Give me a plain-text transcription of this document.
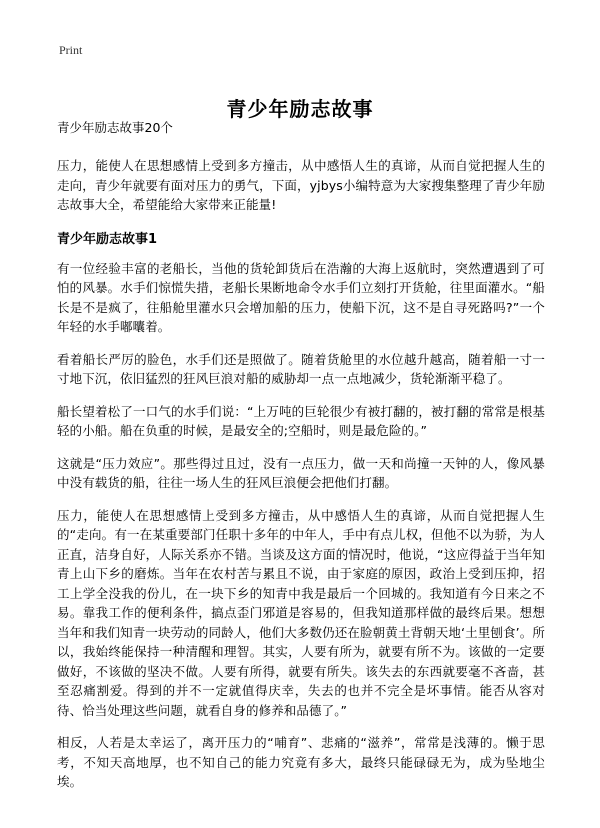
Print
青少年励志故事
青少年励志故事20个

压力，能使人在思想感情上受到多方撞击，从中感悟人生的真谛，从而自觉把握人生的走向，青少年就要有面对压力的勇气，下面，yjbys小编特意为大家搜集整理了青少年励志故事大全，希望能给大家带来正能量!

青少年励志故事1

有一位经验丰富的老船长，当他的货轮卸货后在浩瀚的大海上返航时，突然遭遇到了可怕的风暴。水手们惊慌失措，老船长果断地命令水手们立刻打开货舱，往里面灌水。“船长是不是疯了，往船舱里灌水只会增加船的压力，使船下沉，这不是自寻死路吗?”一个年轻的水手嘟囔着。

看着船长严厉的脸色，水手们还是照做了。随着货舱里的水位越升越高，随着船一寸一寸地下沉，依旧猛烈的狂风巨浪对船的威胁却一点一点地减少，货轮渐渐平稳了。

船长望着松了一口气的水手们说：“上万吨的巨轮很少有被打翻的，被打翻的常常是根基轻的小船。船在负重的时候，是最安全的;空船时，则是最危险的。”

这就是“压力效应”。那些得过且过，没有一点压力，做一天和尚撞一天钟的人，像风暴中没有载货的船，往往一场人生的狂风巨浪便会把他们打翻。

压力，能使人在思想感情上受到多方撞击，从中感悟人生的真谛，从而自觉把握人生的“走向。有一在某重要部门任职十多年的中年人，手中有点儿权，但他不以为骄，为人正直，洁身自好，人际关系亦不错。当谈及这方面的情况时，他说，“这应得益于当年知青上山下乡的磨炼。当年在农村苦与累且不说，由于家庭的原因，政治上受到压抑，招工上学全没我的份儿，在一块下乡的知青中我是最后一个回城的。我知道有今日来之不易。靠我工作的便利条件，搞点歪门邪道是容易的，但我知道那样做的最终后果。想想当年和我们知青一块劳动的同龄人，他们大多数仍还在脸朝黄土背朝天地‘土里刨食’。所以，我始终能保持一种清醒和理智。其实，人要有所为，就要有所不为。该做的一定要做好，不该做的坚决不做。人要有所得，就要有所失。该失去的东西就要毫不吝啬，甚至忍痛割爱。得到的并不一定就值得庆幸，失去的也并不完全是坏事情。能否从容对待、恰当处理这些问题，就看自身的修养和品德了。”

相反，人若是太幸运了，离开压力的“哺育”、悲痛的“滋养”，常常是浅薄的。懒于思考，不知天高地厚，也不知自己的能力究竟有多大，最终只能碌碌无为，成为坠地尘埃。
